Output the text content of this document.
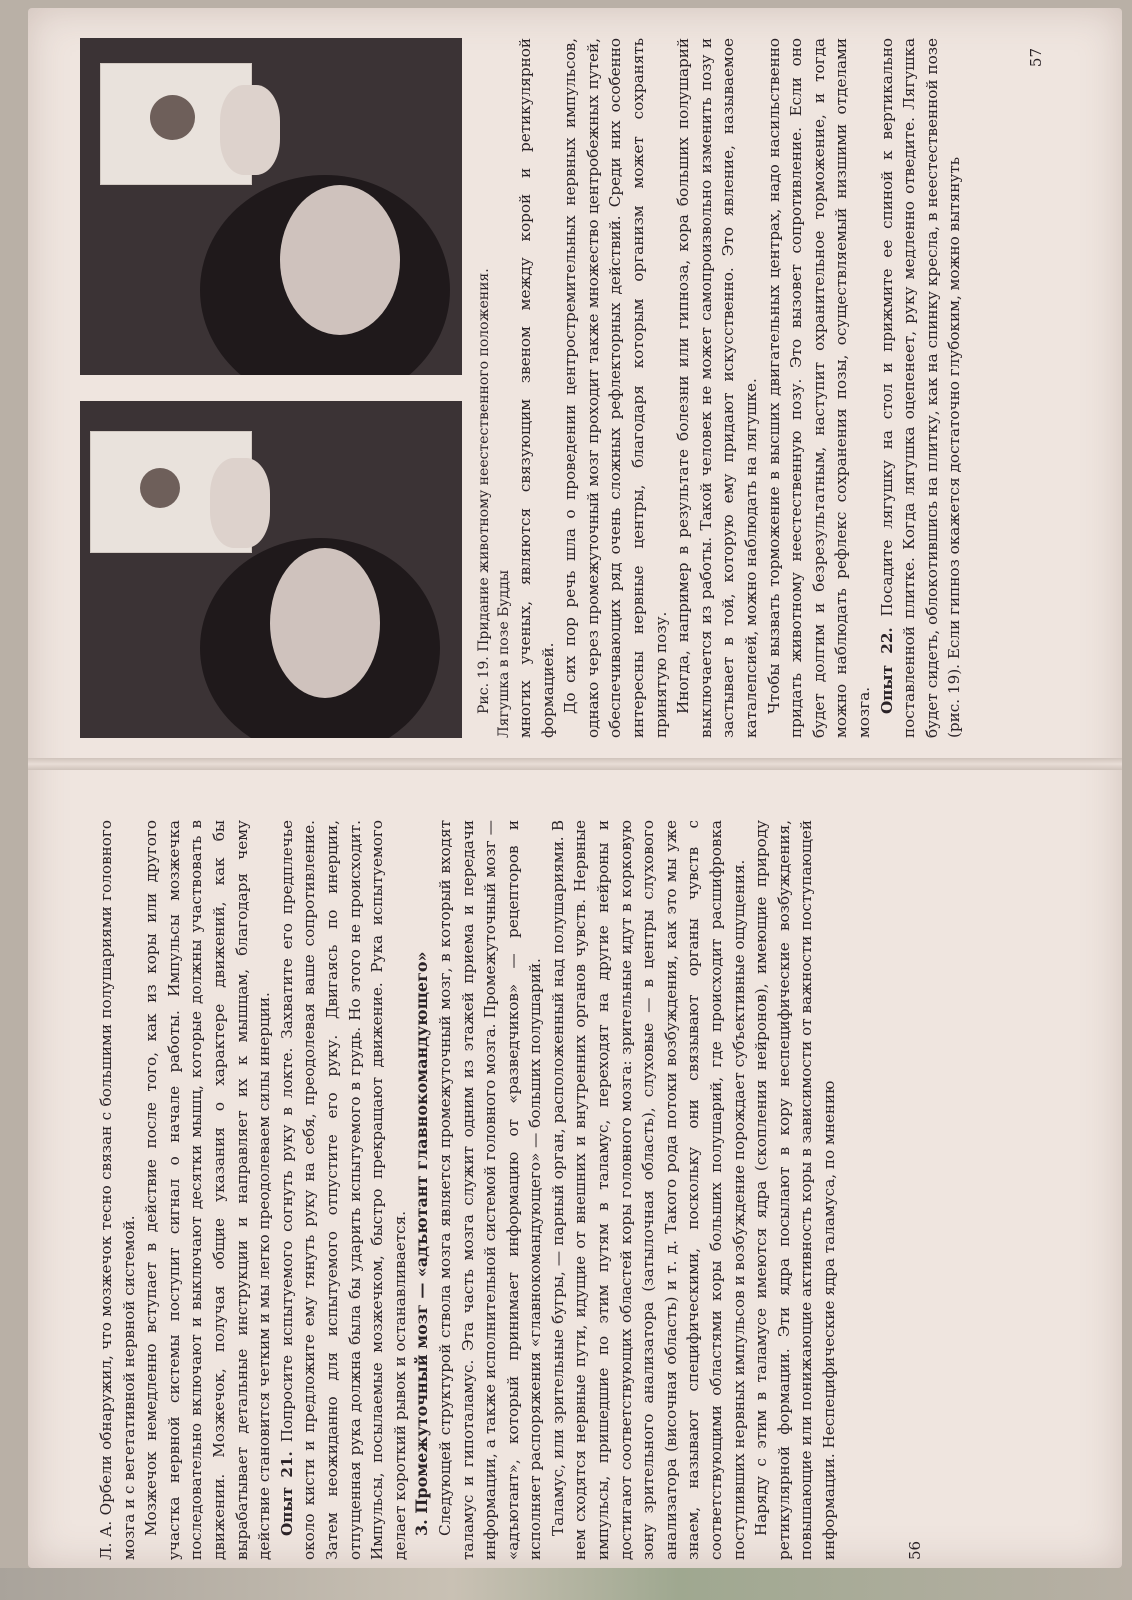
Л. А. Орбели обнаружил, что мозжечок тесно связан с большими полушариями головного мозга и с вегетативной нервной системой. Мозжечок немедленно вступает в действие после того, как из коры или другого участка нервной системы поступит сигнал о начале работы. Импульсы мозжечка последовательно включают и выключают десятки мышц, которые должны участвовать в движении. Мозжечок, получая общие указания о характере движений, как бы вырабатывает детальные инструкции и направляет их к мышцам, благодаря чему действие становится четким и мы легко преодолеваем силы инерции. Опыт 21. Попросите испытуемого согнуть руку в локте. Захватите его предплечье около кисти и предложите ему тянуть руку на себя, преодолевая ваше сопротивление. Затем неожиданно для испытуемого отпустите его руку. Двигаясь по инерции, отпущенная рука должна была бы ударить испытуемого в грудь. Но этого не происходит. Импульсы, посылаемые мозжечком, быстро прекращают движение. Рука испытуемого делает короткий рывок и останавливается. 3. Промежуточный мозг — «адъютант главнокомандующего» Следующей структурой ствола мозга является промежуточный мозг, в который входят таламус и гипоталамус. Эта часть мозга служит одним из этажей приема и передачи информации, а также исполнительной системой головного мозга. Промежуточный мозг — «адъютант», который принимает информацию от «разведчиков» — рецепторов и исполняет распоряжения «главнокомандующего» — больших полушарий. Таламус, или зрительные бугры, — парный орган, расположенный над полушариями. В нем сходятся нервные пути, идущие от внешних и внутренних органов чувств. Нервные импульсы, пришедшие по этим путям в таламус, переходят на другие нейроны и достигают соответствующих областей коры головного мозга: зрительные идут в корковую зону зрительного анализатора (затылочная область), слуховые — в центры слухового анализатора (височная область) и т. д. Такого рода потоки возбуждения, как это мы уже знаем, называют специфическими, поскольку они связывают органы чувств с соответствующими областями коры больших полушарий, где происходит расшифровка поступивших нервных импульсов и возбуждение порождает субъективные ощущения. Наряду с этим в таламусе имеются ядра (скопления нейронов), имеющие природу ретикулярной формации. Эти ядра посылают в кору неспецифические возбуждения, повышающие или понижающие активность коры в зависимости от важности поступающей информации. Неспецифические ядра таламуса, по мнению	56

Рис. 19. Придание животному неестественного положения. Лягушка в позе Будды многих ученых, являются связующим звеном между корой и ретикулярной формацией. До сих пор речь шла о проведении центростремительных нервных импульсов, однако через промежуточный мозг проходит также множество центробежных путей, обеспечивающих ряд очень сложных рефлекторных действий. Среди них особенно интересны нервные центры, благодаря которым организм может сохранять принятую позу. Иногда, например в результате болезни или гипноза, кора больших полушарий выключается из работы. Такой человек не может самопроизвольно изменить позу и застывает в той, которую ему придают искусственно. Это явление, называемое каталепсией, можно наблюдать на лягушке. Чтобы вызвать торможение в высших двигательных центрах, надо насильственно придать животному неестественную позу. Это вызовет сопротивление. Если оно будет долгим и безрезультатным, наступит охранительное торможение, и тогда можно наблюдать рефлекс сохранения позы, осуществляемый низшими отделами мозга. Опыт 22. Посадите лягушку на стол и прижмите ее спиной к вертикально поставленной плитке. Когда лягушка оцепенеет, руку медленно отведите. Лягушка будет сидеть, облокотившись на плитку, как на спинку кресла, в неестественной позе (рис. 19). Если гипноз окажется достаточно глубоким, можно вытянуть

57
